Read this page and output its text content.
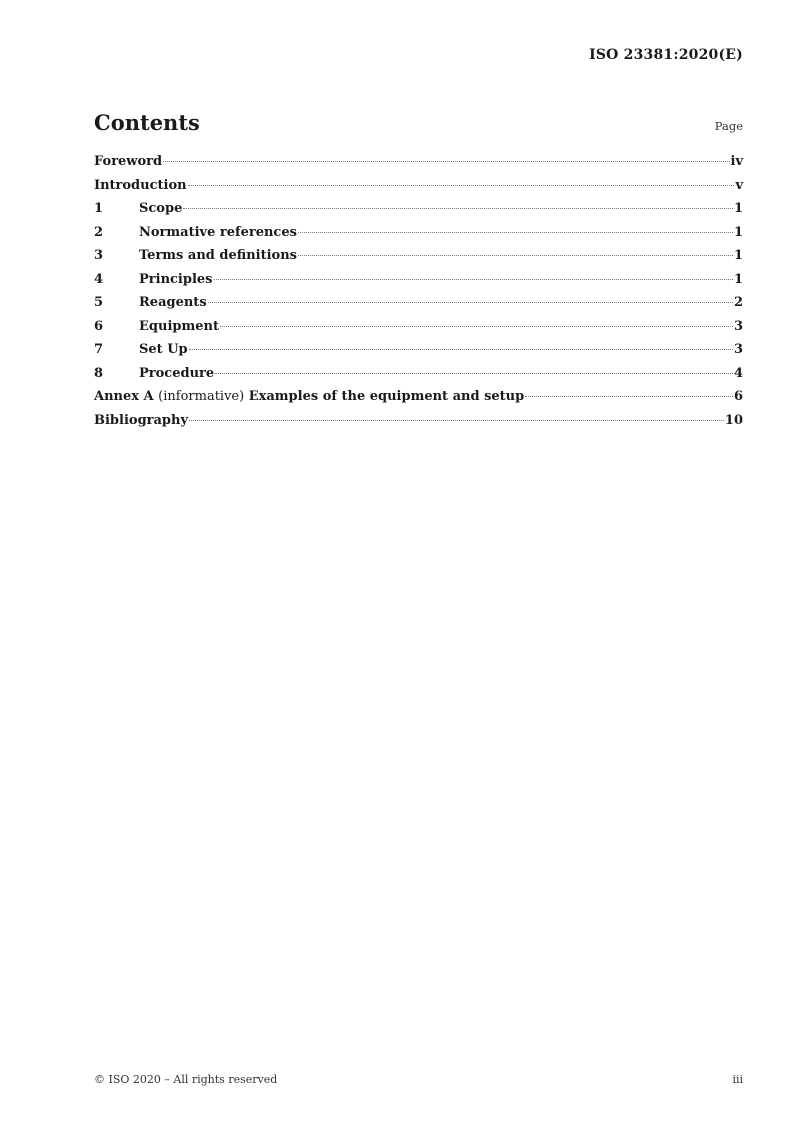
ISO 23381:2020(E)
Contents	Page
Foreword	iv
Introduction	v
1	Scope	1
2	Normative references	1
3	Terms and definitions	1
4	Principles	1
5	Reagents	2
6	Equipment	3
7	Set Up	3
8	Procedure	4
Annex A (informative) Examples of the equipment and setup	6
Bibliography	10
© ISO 2020 – All rights reserved	iii
